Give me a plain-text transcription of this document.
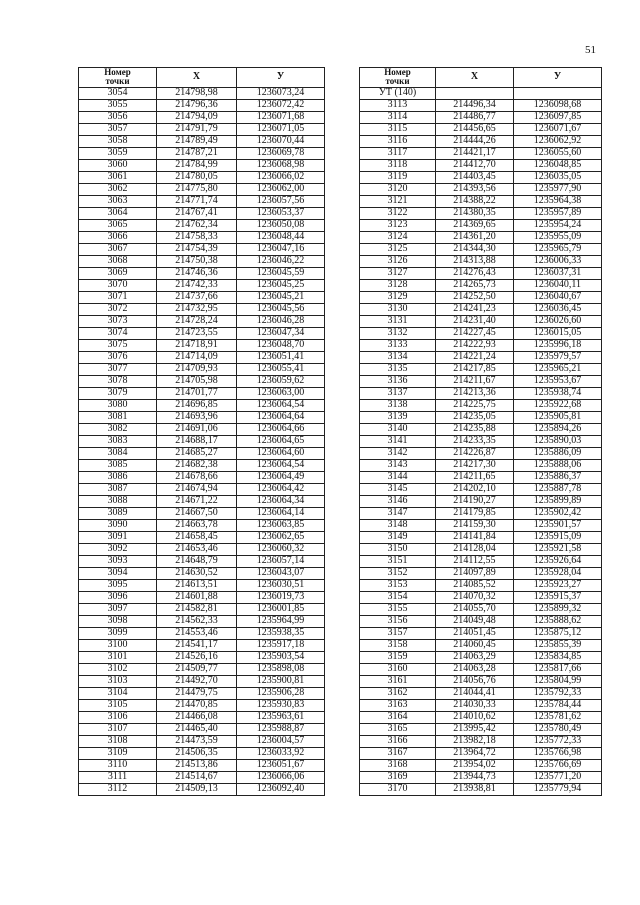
51
Номер
точки	X	У
3054	214798,98	1236073,24
3055	214796,36	1236072,42
3056	214794,09	1236071,68
3057	214791,79	1236071,05
3058	214789,49	1236070,44
3059	214787,21	1236069,78
3060	214784,99	1236068,98
3061	214780,05	1236066,02
3062	214775,80	1236062,00
3063	214771,74	1236057,56
3064	214767,41	1236053,37
3065	214762,34	1236050,08
3066	214758,33	1236048,44
3067	214754,39	1236047,16
3068	214750,38	1236046,22
3069	214746,36	1236045,59
3070	214742,33	1236045,25
3071	214737,66	1236045,21
3072	214732,95	1236045,56
3073	214728,24	1236046,28
3074	214723,55	1236047,34
3075	214718,91	1236048,70
3076	214714,09	1236051,41
3077	214709,93	1236055,41
3078	214705,98	1236059,62
3079	214701,77	1236063,00
3080	214696,85	1236064,54
3081	214693,96	1236064,64
3082	214691,06	1236064,66
3083	214688,17	1236064,65
3084	214685,27	1236064,60
3085	214682,38	1236064,54
3086	214678,66	1236064,49
3087	214674,94	1236064,42
3088	214671,22	1236064,34
3089	214667,50	1236064,14
3090	214663,78	1236063,85
3091	214658,45	1236062,65
3092	214653,46	1236060,32
3093	214648,79	1236057,14
3094	214630,52	1236043,07
3095	214613,51	1236030,51
3096	214601,88	1236019,73
3097	214582,81	1236001,85
3098	214562,33	1235964,99
3099	214553,46	1235938,35
3100	214541,17	1235917,18
3101	214526,16	1235903,54
3102	214509,77	1235898,08
3103	214492,70	1235900,81
3104	214479,75	1235906,28
3105	214470,85	1235930,83
3106	214466,08	1235963,61
3107	214465,40	1235988,87
3108	214473,59	1236004,57
3109	214506,35	1236033,92
3110	214513,86	1236051,67
3111	214514,67	1236066,06
3112	214509,13	1236092,40
Номер
точки	X	У
УТ (140)		
3113	214496,34	1236098,68
3114	214486,77	1236097,85
3115	214456,65	1236071,67
3116	214444,26	1236062,92
3117	214421,17	1236055,60
3118	214412,70	1236048,85
3119	214403,45	1236035,05
3120	214393,56	1235977,90
3121	214388,22	1235964,38
3122	214380,35	1235957,89
3123	214369,65	1235954,24
3124	214361,20	1235955,09
3125	214344,30	1235965,79
3126	214313,88	1236006,33
3127	214276,43	1236037,31
3128	214265,73	1236040,11
3129	214252,50	1236040,67
3130	214241,23	1236036,45
3131	214231,40	1236026,60
3132	214227,45	1236015,05
3133	214222,93	1235996,18
3134	214221,24	1235979,57
3135	214217,85	1235965,21
3136	214211,67	1235953,67
3137	214213,36	1235938,74
3138	214225,75	1235922,68
3139	214235,05	1235905,81
3140	214235,88	1235894,26
3141	214233,35	1235890,03
3142	214226,87	1235886,09
3143	214217,30	1235888,06
3144	214211,65	1235886,37
3145	214202,10	1235887,78
3146	214190,27	1235899,89
3147	214179,85	1235902,42
3148	214159,30	1235901,57
3149	214141,84	1235915,09
3150	214128,04	1235921,58
3151	214112,55	1235926,64
3152	214097,89	1235928,04
3153	214085,52	1235923,27
3154	214070,32	1235915,37
3155	214055,70	1235899,32
3156	214049,48	1235888,62
3157	214051,45	1235875,12
3158	214060,45	1235855,39
3159	214063,29	1235834,85
3160	214063,28	1235817,66
3161	214056,76	1235804,99
3162	214044,41	1235792,33
3163	214030,33	1235784,44
3164	214010,62	1235781,62
3165	213995,42	1235780,49
3166	213982,18	1235772,33
3167	213964,72	1235766,98
3168	213954,02	1235766,69
3169	213944,73	1235771,20
3170	213938,81	1235779,94
